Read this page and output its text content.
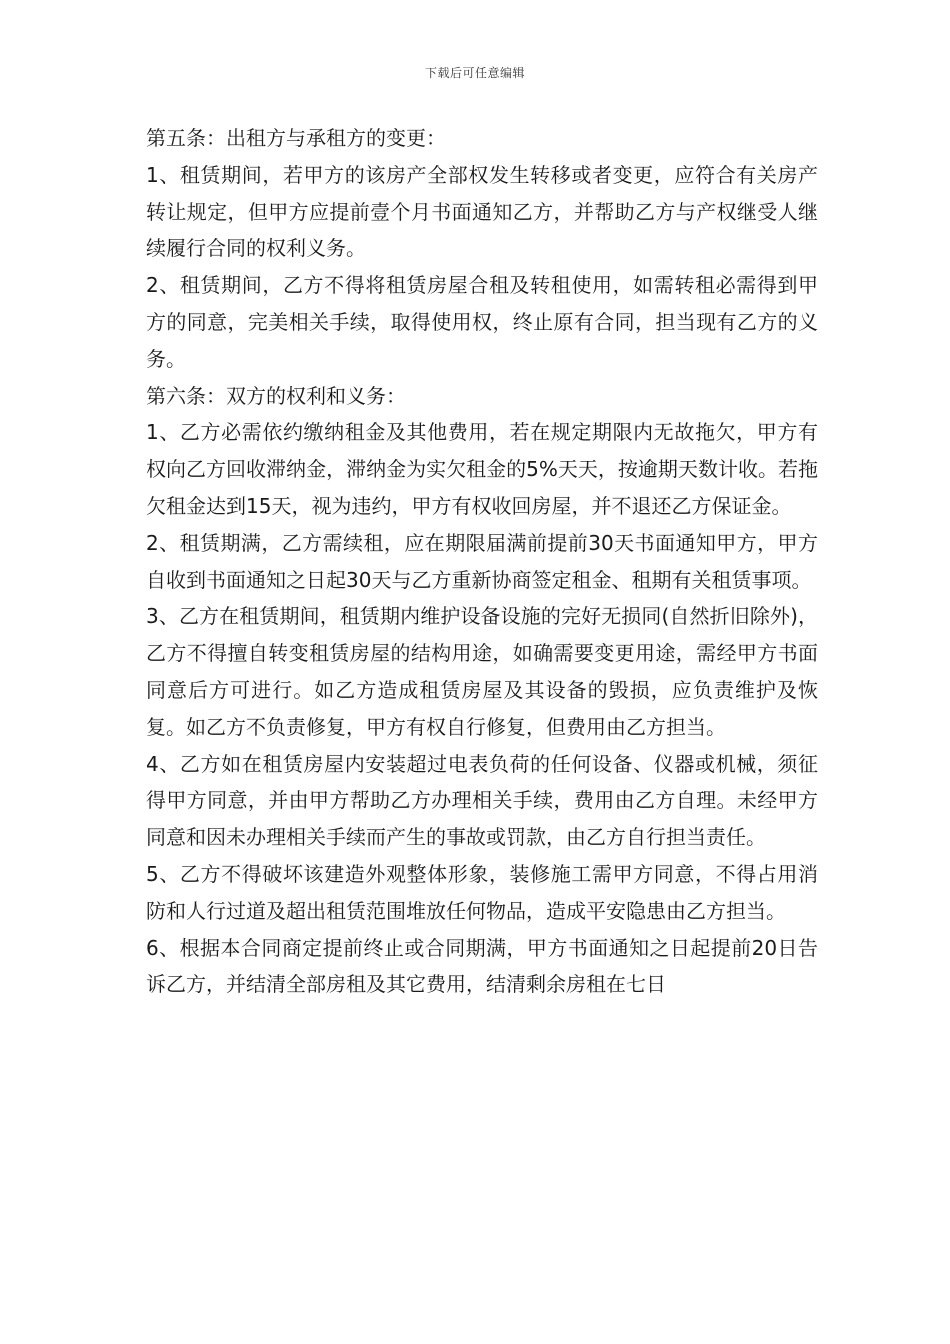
下载后可任意编辑

第五条：出租方与承租方的变更：

1、租赁期间，若甲方的该房产全部权发生转移或者变更，应符合有关房产转让规定，但甲方应提前壹个月书面通知乙方，并帮助乙方与产权继受人继续履行合同的权利义务。

2、租赁期间，乙方不得将租赁房屋合租及转租使用，如需转租必需得到甲方的同意，完美相关手续，取得使用权，终止原有合同，担当现有乙方的义务。

第六条：双方的权利和义务：

1、乙方必需依约缴纳租金及其他费用，若在规定期限内无故拖欠，甲方有权向乙方回收滞纳金，滞纳金为实欠租金的5%天天，按逾期天数计收。若拖欠租金达到15天，视为违约，甲方有权收回房屋，并不退还乙方保证金。

2、租赁期满，乙方需续租，应在期限届满前提前30天书面通知甲方，甲方自收到书面通知之日起30天与乙方重新协商签定租金、租期有关租赁事项。

3、乙方在租赁期间，租赁期内维护设备设施的完好无损同(自然折旧除外)，乙方不得擅自转变租赁房屋的结构用途，如确需要变更用途，需经甲方书面同意后方可进行。如乙方造成租赁房屋及其设备的毁损，应负责维护及恢复。如乙方不负责修复，甲方有权自行修复，但费用由乙方担当。

4、乙方如在租赁房屋内安装超过电表负荷的任何设备、仪器或机械，须征得甲方同意，并由甲方帮助乙方办理相关手续，费用由乙方自理。未经甲方同意和因未办理相关手续而产生的事故或罚款，由乙方自行担当责任。

5、乙方不得破坏该建造外观整体形象，装修施工需甲方同意，不得占用消防和人行过道及超出租赁范围堆放任何物品，造成平安隐患由乙方担当。

6、根据本合同商定提前终止或合同期满，甲方书面通知之日起提前20日告诉乙方，并结清全部房租及其它费用，结清剩余房租在七日
